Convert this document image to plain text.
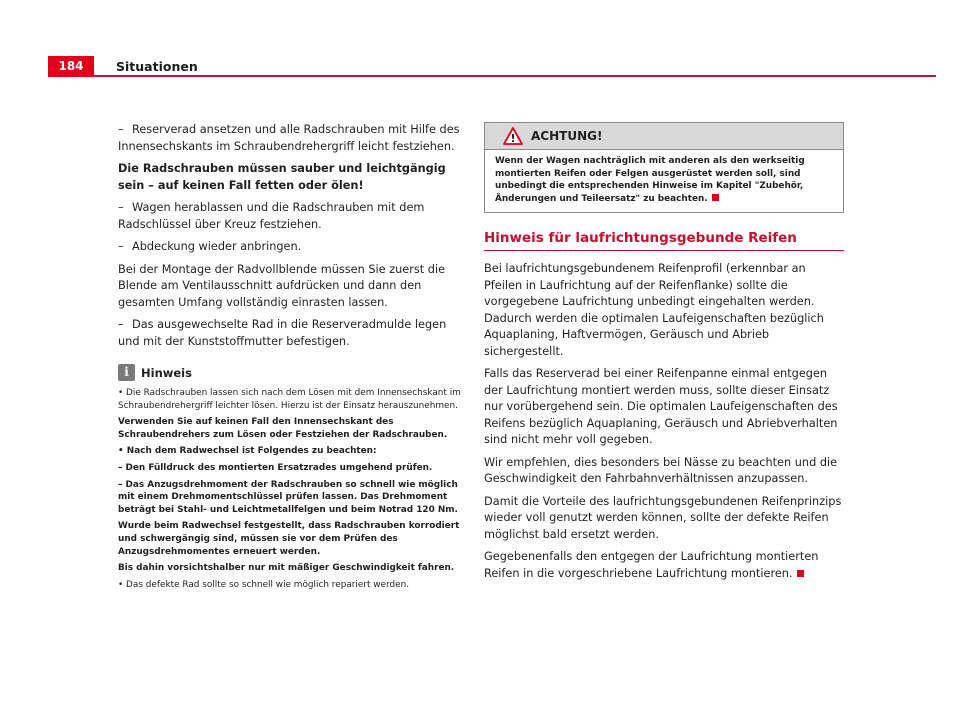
184	Situationen

– Reserverad ansetzen und alle Radschrauben mit Hilfe des Innensechskants im Schraubendrehergriff leicht festziehen.

Die Radschrauben müssen sauber und leichtgängig sein – auf keinen Fall fetten oder ölen!

– Wagen herablassen und die Radschrauben mit dem Radschlüssel über Kreuz festziehen.

– Abdeckung wieder anbringen.

Bei der Montage der Radvollblende müssen Sie zuerst die Blende am Ventilausschnitt aufdrücken und dann den gesamten Umfang vollständig einrasten lassen.

– Das ausgewechselte Rad in die Reserveradmulde legen und mit der Kunststoffmutter befestigen.

i	Hinweis

• Die Radschrauben lassen sich nach dem Lösen mit dem Innensechskant im Schraubendrehergriff leichter lösen. Hierzu ist der Einsatz herauszunehmen.

Verwenden Sie auf keinen Fall den Innensechskant des Schraubendrehers zum Lösen oder Festziehen der Radschrauben.

• Nach dem Radwechsel ist Folgendes zu beachten:

– Den Fülldruck des montierten Ersatzrades umgehend prüfen.

– Das Anzugsdrehmoment der Radschrauben so schnell wie möglich mit einem Drehmomentschlüssel prüfen lassen. Das Drehmoment beträgt bei Stahl- und Leichtmetallfelgen und beim Notrad 120 Nm.

Wurde beim Radwechsel festgestellt, dass Radschrauben korrodiert und schwergängig sind, müssen sie vor dem Prüfen des Anzugsdrehmomentes erneuert werden.

Bis dahin vorsichtshalber nur mit mäßiger Geschwindigkeit fahren.

• Das defekte Rad sollte so schnell wie möglich repariert werden.

! ACHTUNG!

Wenn der Wagen nachträglich mit anderen als den werkseitig montierten Reifen oder Felgen ausgerüstet werden soll, sind unbedingt die entsprechenden Hinweise im Kapitel "Zubehör, Änderungen und Teileersatz" zu beachten.

Hinweis für laufrichtungsgebunde Reifen

Bei laufrichtungsgebundenem Reifenprofil (erkennbar an Pfeilen in Laufrichtung auf der Reifenflanke) sollte die vorgegebene Laufrichtung unbedingt eingehalten werden. Dadurch werden die optimalen Laufeigenschaften bezüglich Aquaplaning, Haftvermögen, Geräusch und Abrieb sichergestellt.

Falls das Reserverad bei einer Reifenpanne einmal entgegen der Laufrichtung montiert werden muss, sollte dieser Einsatz nur vorübergehend sein. Die optimalen Laufeigenschaften des Reifens bezüglich Aquaplaning, Geräusch und Abriebverhalten sind nicht mehr voll gegeben.

Wir empfehlen, dies besonders bei Nässe zu beachten und die Geschwindigkeit den Fahrbahnverhältnissen anzupassen.

Damit die Vorteile des laufrichtungsgebundenen Reifenprinzips wieder voll genutzt werden können, sollte der defekte Reifen möglichst bald ersetzt werden.

Gegebenenfalls den entgegen der Laufrichtung montierten Reifen in die vorgeschriebene Laufrichtung montieren.
